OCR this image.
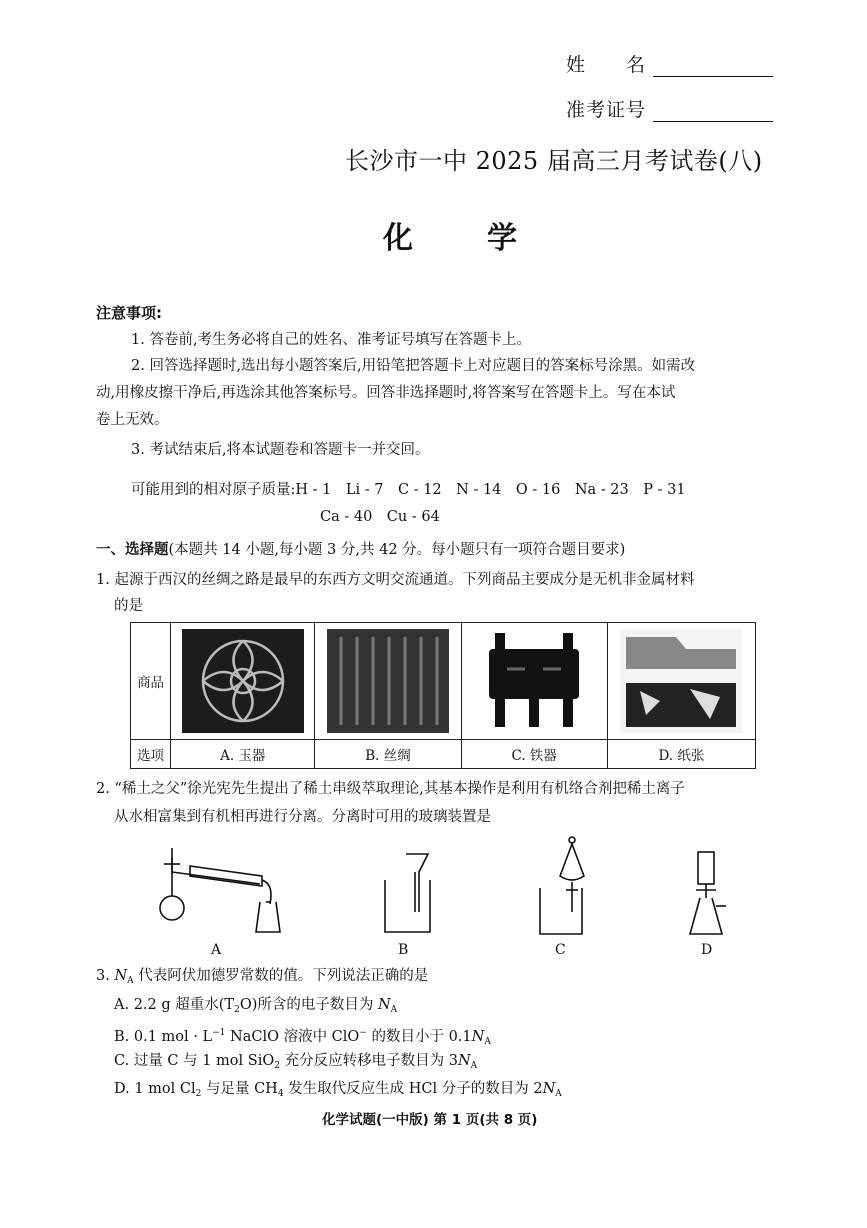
姓　　名
准考证号
长沙市一中 2025 届高三月考试卷(八)
化　学
注意事项:
1. 答卷前,考生务必将自己的姓名、准考证号填写在答题卡上。
2. 回答选择题时,选出每小题答案后,用铅笔把答题卡上对应题目的答案标号涂黑。如需改
动,用橡皮擦干净后,再选涂其他答案标号。回答非选择题时,将答案写在答题卡上。写在本试
卷上无效。
3. 考试结束后,将本试题卷和答题卡一并交回。
可能用到的相对原子质量:H - 1　Li - 7　C - 12　N - 14　O - 16　Na - 23　P - 31
Ca - 40　Cu - 64
一、选择题(本题共 14 小题,每小题 3 分,共 42 分。每小题只有一项符合题目要求)
1. 起源于西汉的丝绸之路是最早的东西方文明交流通道。下列商品主要成分是无机非金属材料
的是
商品	

选项	A. 玉器	B. 丝绸	C. 铁器	D. 纸张
2. “稀土之父”徐光宪先生提出了稀土串级萃取理论,其基本操作是利用有机络合剂把稀土离子
从水相富集到有机相再进行分离。分离时可用的玻璃装置是
A	B	C	D
3. $N_A$ 代表阿伏加德罗常数的值。下列说法正确的是
A. 2.2 g 超重水$(T_2O)$所含的电子数目为 $N_A$
B. 0.1 mol · $L^{-1}$ NaClO 溶液中 ClO− 的数目小于 $0.1N_A$
C. 过量 C 与 1 mol SiO$_2$ 充分反应转移电子数目为 $3N_A$
D. 1 mol $Cl_2$ 与足量 $CH_4$ 发生取代反应生成 HCl 分子的数目为 $2N_A$
化学试题(一中版) 第 1 页(共 8 页)
